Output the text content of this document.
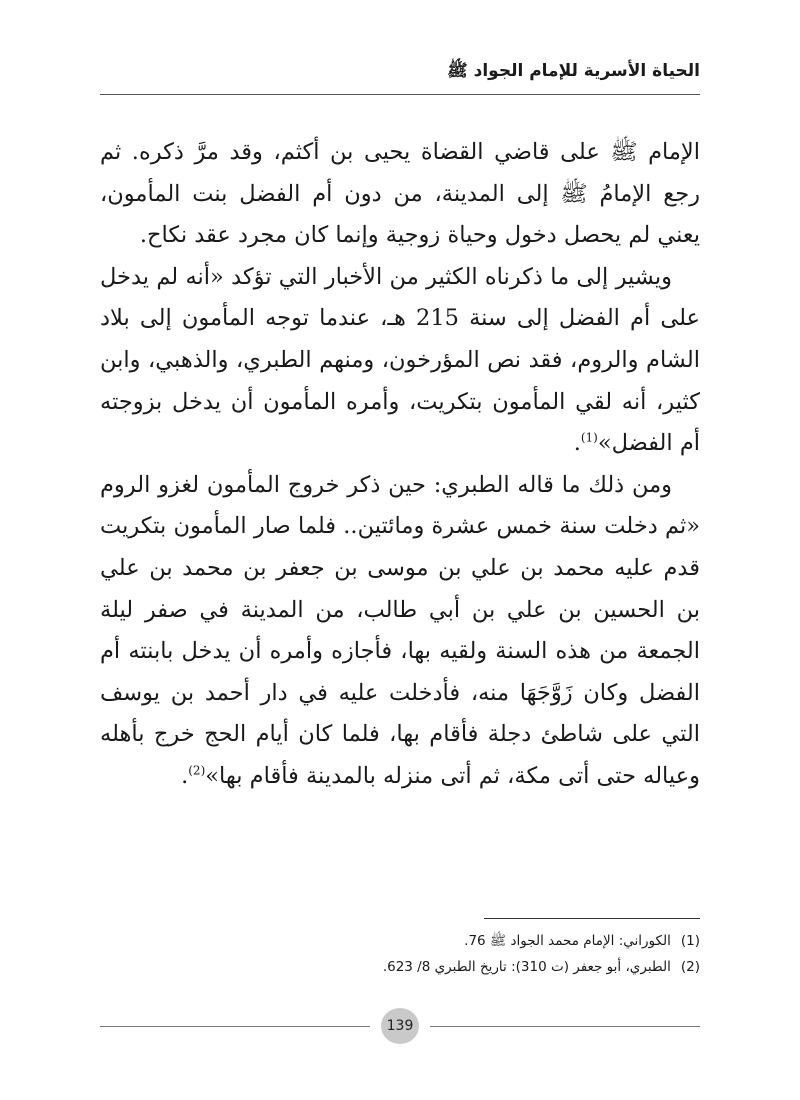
الحياة الأسرية للإمام الجواد ﷺ

الإمام ﷺ على قاضي القضاة يحيى بن أكثم، وقد مرَّ ذكره. ثم رجع الإمامُ ﷺ إلى المدينة، من دون أم الفضل بنت المأمون، يعني لم يحصل دخول وحياة زوجية وإنما كان مجرد عقد نكاح.

ويشير إلى ما ذكرناه الكثير من الأخبار التي تؤكد «أنه لم يدخل على أم الفضل إلى سنة 215 هـ، عندما توجه المأمون إلى بلاد الشام والروم، فقد نص المؤرخون، ومنهم الطبري، والذهبي، وابن كثير، أنه لقي المأمون بتكريت، وأمره المأمون أن يدخل بزوجته أم الفضل»$^{(1)}$.

ومن ذلك ما قاله الطبري: حين ذكر خروج المأمون لغزو الروم «ثم دخلت سنة خمس عشرة ومائتين.. فلما صار المأمون بتكريت قدم عليه محمد بن علي بن موسى بن جعفر بن محمد بن علي بن الحسين بن علي بن أبي طالب، من المدينة في صفر ليلة الجمعة من هذه السنة ولقيه بها، فأجازه وأمره أن يدخل بابنته أم الفضل وكان زَوَّجَهَا منه، فأدخلت عليه في دار أحمد بن يوسف التي على شاطئ دجلة فأقام بها، فلما كان أيام الحج خرج بأهله وعياله حتى أتى مكة، ثم أتى منزله بالمدينة فأقام بها»$^{(2)}$.

(1)
الكوراني: الإمام محمد الجواد ﷺ 76.
(2)
الطبري، أبو جعفر (ت 310): تاريخ الطبري 8/ 623.
139
